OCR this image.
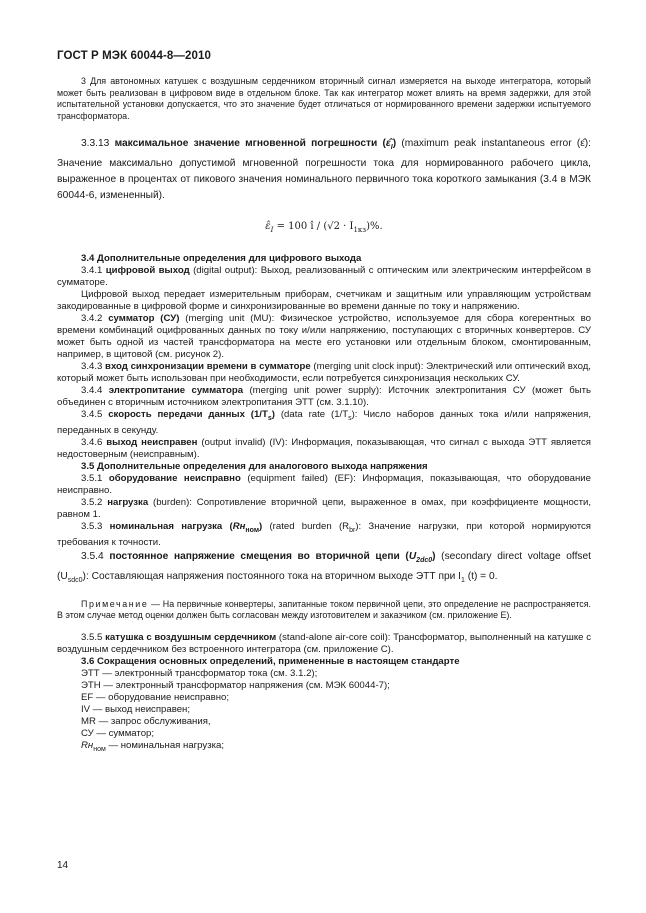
ГОСТ Р МЭК 60044-8—2010

3 Для автономных катушек с воздушным сердечником вторичный сигнал измеряется на выходе интегратора, который может быть реализован в цифровом виде в отдельном блоке. Так как интегратор может влиять на время задержки, для этой испытательной установки допускается, что это значение будет отличаться от нормированного времени задержки испытуемого трансформатора.

3.3.13 максимальное значение мгновенной погрешности $(\varepsilon̂_I)$ (maximum peak instantaneous error (ε̂): Значение максимально допустимой мгновенной погрешности тока для нормированного рабочего цикла, выраженное в процентах от пикового значения номинального первичного тока короткого замыкания (3.4 в МЭК 60044-6, измененный).

$\varepsilon̂_I = 100$ î / $(√2 \cdot I_{1кз})\%$.

3.4 Дополнительные определения для цифрового выхода

3.4.1 цифровой выход (digital output): Выход, реализованный с оптическим или электрическим интерфейсом в сумматоре.

Цифровой выход передает измерительным приборам, счетчикам и защитным или управляющим устройствам закодированные в цифровой форме и синхронизированные во времени данные по току и напряжению.

3.4.2 сумматор (СУ) (merging unit (MU): Физическое устройство, используемое для сбора когерентных во времени комбинаций оцифрованных данных по току и/или напряжению, поступающих с вторичных конвертеров. СУ может быть одной из частей трансформатора на месте его установки или отдельным блоком, смонтированным, например, в щитовой (см. рисунок 2).

3.4.3 вход синхронизации времени в сумматоре (merging unit clock input): Электрический или оптический вход, который может быть использован при необходимости, если потребуется синхронизация нескольких СУ.

3.4.4 электропитание сумматора (merging unit power supply): Источник электропитания СУ (может быть объединен с вторичным источником электропитания ЭТТ (см. 3.1.10).

3.4.5 скорость передачи данных $(1/T_s)$ (data rate $(1/T_s)$: Число наборов данных тока и/или напряжения, переданных в секунду.

3.4.6 выход неисправен (output invalid) (IV): Информация, показывающая, что сигнал с выхода ЭТТ является недостоверным (неисправным).

3.5 Дополнительные определения для аналогового выхода напряжения

3.5.1 оборудование неисправно (equipment failed) (EF): Информация, показывающая, что оборудование неисправно.

3.5.2 нагрузка (burden): Сопротивление вторичной цепи, выраженное в омах, при коэффициенте мощности, равном 1.

3.5.3 номинальная нагрузка $(Rн_{ном})$ (rated burden $(R_{br})$: Значение нагрузки, при которой нормируются требования к точности.

3.5.4 постоянное напряжение смещения во вторичной цепи $(U_{2dc0})$ (secondary direct voltage offset $(U_{sdc0})$: Составляющая напряжения постоянного тока на вторичном выходе ЭТТ при $I_1$ (t) = 0.

Примечание — На первичные конвертеры, запитанные током первичной цепи, это определение не распространяется. В этом случае метод оценки должен быть согласован между изготовителем и заказчиком (см. приложение Е).

3.5.5 катушка с воздушным сердечником (stand-alone air-core coil): Трансформатор, выполненный на катушке с воздушным сердечником без встроенного интегратора (см. приложение С).

3.6 Сокращения основных определений, примененные в настоящем стандарте

ЭТТ — электронный трансформатор тока (см. 3.1.2);

ЭТН — электронный трансформатор напряжения (см. МЭК 60044-7);

EF — оборудование неисправно;

IV — выход неисправен;

MR — запрос обслуживания,

СУ — сумматор;

$Rн_{ном}$ — номинальная нагрузка;

14
